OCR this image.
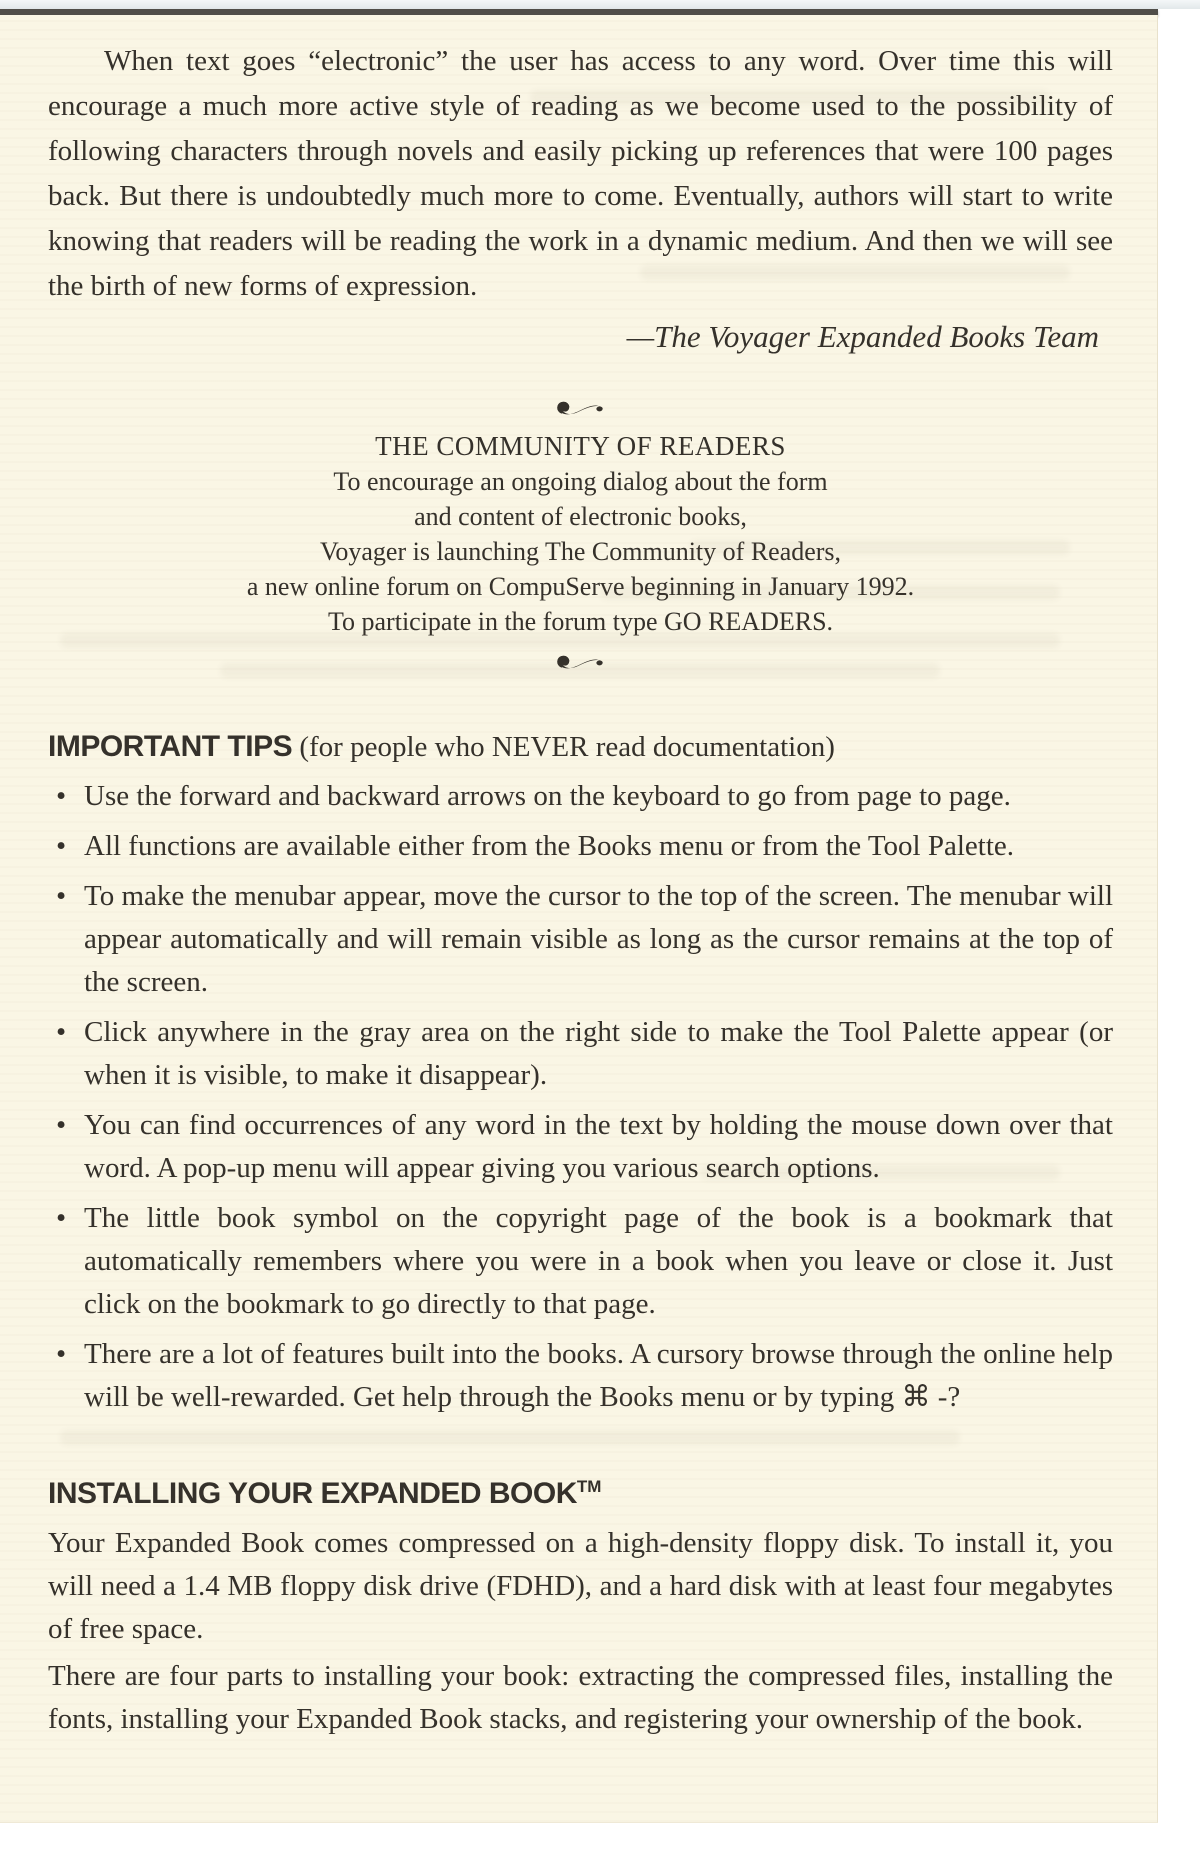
When text goes “electronic” the user has access to any word. Over time this will encourage a much more active style of reading as we become used to the possibility of following characters through novels and easily picking up references that were 100 pages back. But there is undoubtedly much more to come. Eventually, authors will start to write knowing that readers will be reading the work in a dynamic medium. And then we will see the birth of new forms of expression.

—The Voyager Expanded Books Team

THE COMMUNITY OF READERS
To encourage an ongoing dialog about the form
and content of electronic books,
Voyager is launching The Community of Readers,
a new online forum on CompuServe beginning in January 1992.
To participate in the forum type GO READERS.
IMPORTANT TIPS (for people who NEVER read documentation)
• Use the forward and backward arrows on the keyboard to go from page to page.
• All functions are available either from the Books menu or from the Tool Palette.
• To make the menubar appear, move the cursor to the top of the screen. The menubar will appear automatically and will remain visible as long as the cursor remains at the top of the screen.
• Click anywhere in the gray area on the right side to make the Tool Palette appear (or when it is visible, to make it disappear).
• You can find occurrences of any word in the text by holding the mouse down over that word. A pop-up menu will appear giving you various search options.
• The little book symbol on the copyright page of the book is a bookmark that automatically remembers where you were in a book when you leave or close it. Just click on the bookmark to go directly to that page.
• There are a lot of features built into the books. A cursory browse through the online help will be well-rewarded. Get help through the Books menu or by typing ⌘ -?
INSTALLING YOUR EXPANDED BOOK™

Your Expanded Book comes compressed on a high-density floppy disk. To install it, you will need a 1.4 MB floppy disk drive (FDHD), and a hard disk with at least four megabytes of free space.

There are four parts to installing your book: extracting the compressed files, installing the fonts, installing your Expanded Book stacks, and registering your ownership of the book.
